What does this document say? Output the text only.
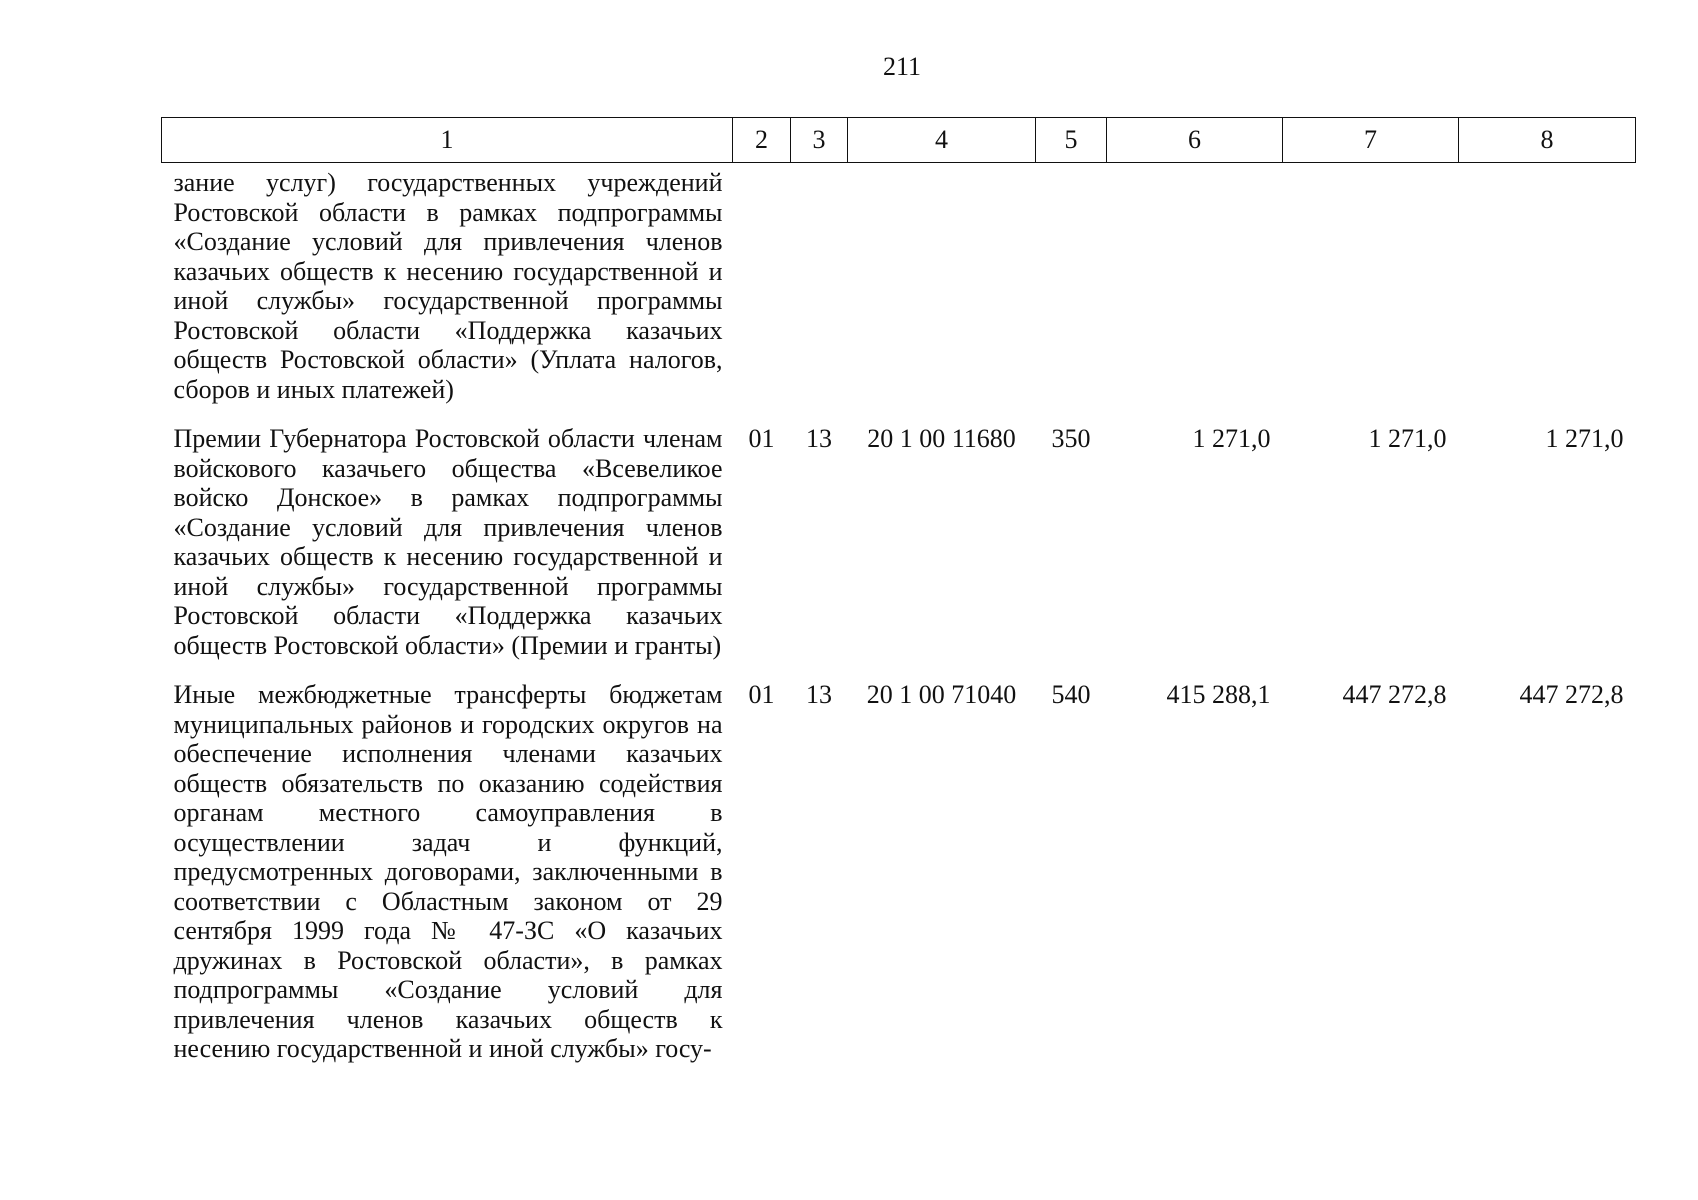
211
1	2	3	4	5	6	7	8
зание услуг) государственных учреждений Ростовской области в рамках подпрограммы «Создание условий для привлечения членов казачьих обществ к несению государственной и иной службы» государственной программы Ростовской области «Поддержка казачьих обществ Ростовской области» (Уплата налогов, сборов и иных платежей)							
Премии Губернатора Ростовской области членам войскового казачьего общества «Всевеликое войско Донское» в рамках подпрограммы «Создание условий для привлечения членов казачьих обществ к несению государственной и иной службы» государственной программы Ростовской области «Поддержка казачьих обществ Ростовской области» (Премии и гранты)	01	13	20 1 00 11680	350	1 271,0	1 271,0	1 271,0
Иные межбюджетные трансферты бюджетам муниципальных районов и городских округов на обеспечение исполнения членами казачьих обществ обязательств по оказанию содействия органам местного самоуправления в осуществлении задач и функций, предусмотренных договорами, заключенными в соответствии с Областным законом от 29 сентября 1999 года № 47-ЗС «О казачьих дружинах в Ростовской области», в рамках подпрограммы «Создание условий для привлечения членов казачьих обществ к несению государственной и иной службы» госу-	01	13	20 1 00 71040	540	415 288,1	447 272,8	447 272,8
